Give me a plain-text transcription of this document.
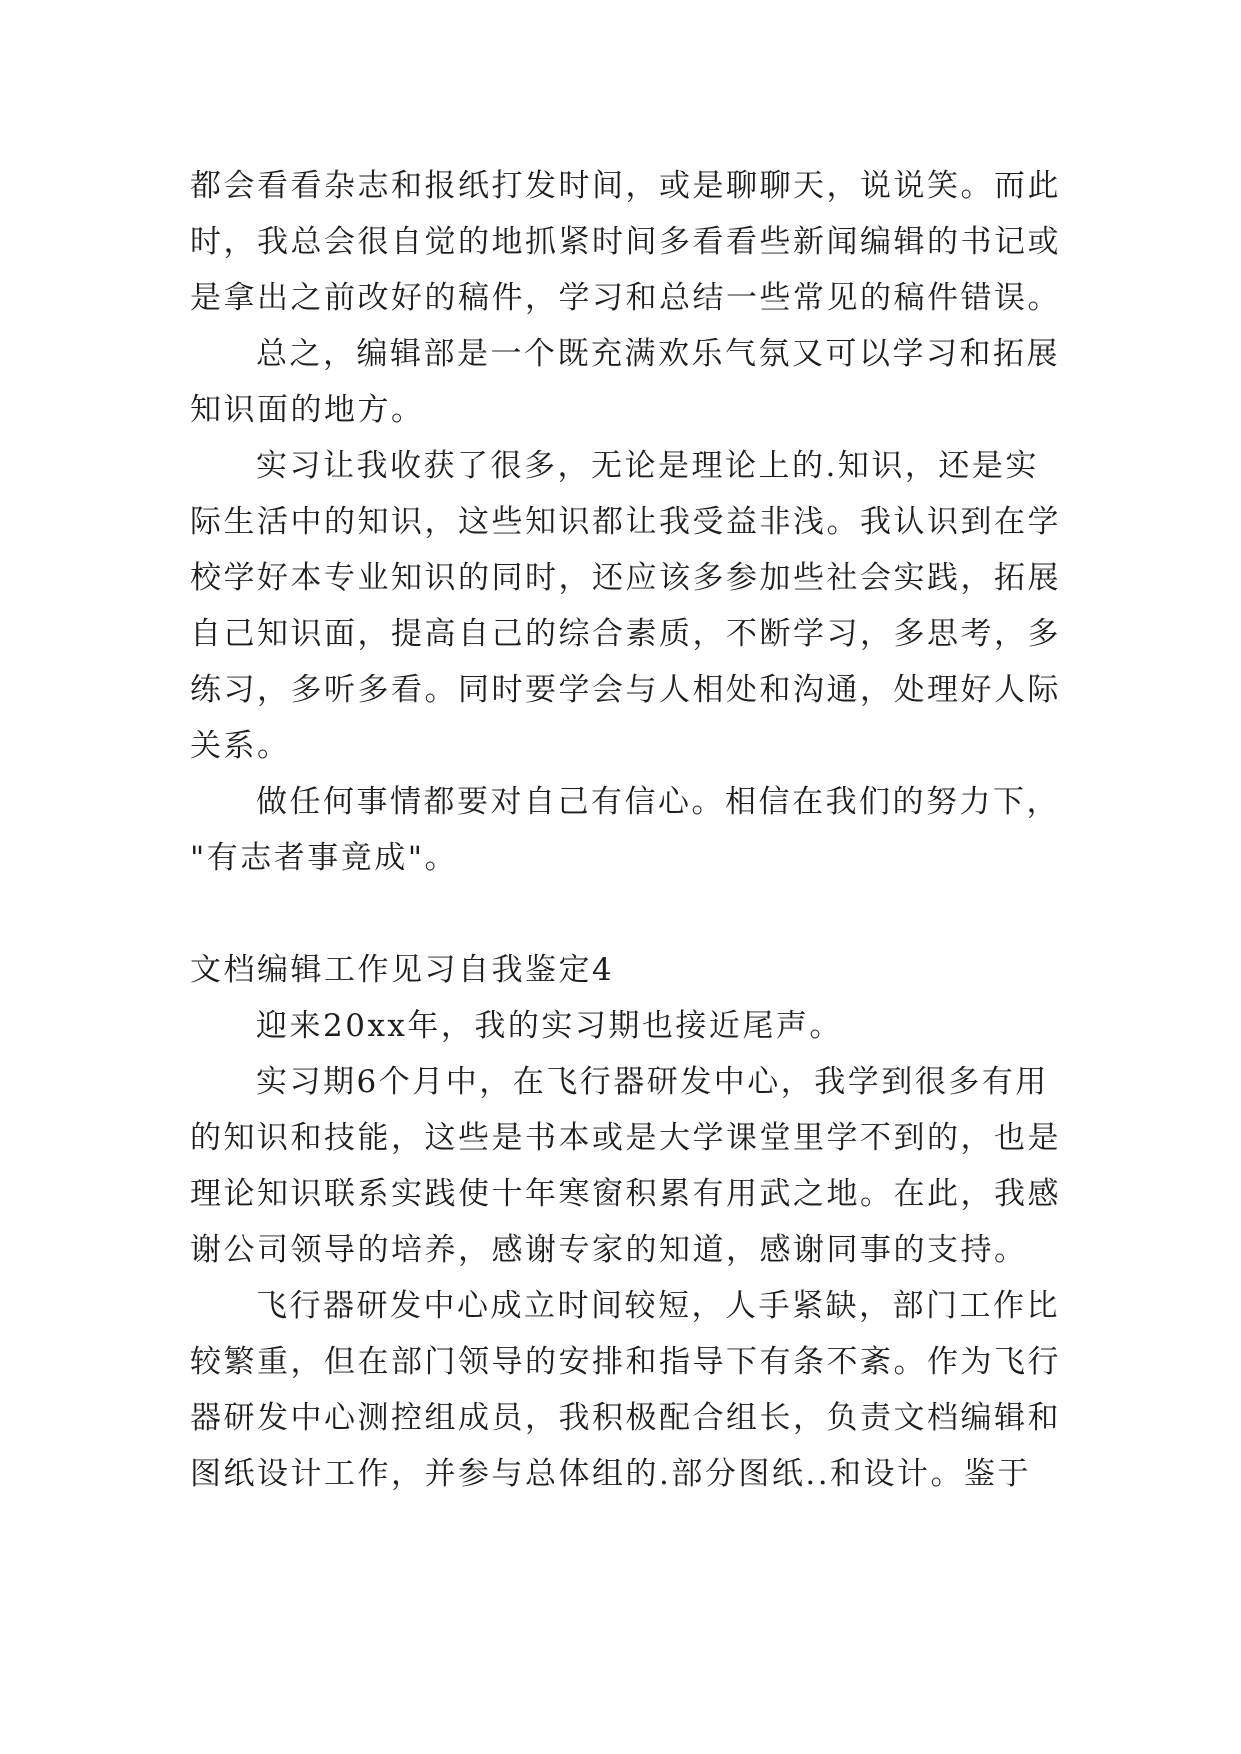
都会看看杂志和报纸打发时间，或是聊聊天，说说笑。而此
时，我总会很自觉的地抓紧时间多看看些新闻编辑的书记或
是拿出之前改好的稿件，学习和总结一些常见的稿件错误。
总之，编辑部是一个既充满欢乐气氛又可以学习和拓展
知识面的地方。
实习让我收获了很多，无论是理论上的.知识，还是实
际生活中的知识，这些知识都让我受益非浅。我认识到在学
校学好本专业知识的同时，还应该多参加些社会实践，拓展
自己知识面，提高自己的综合素质，不断学习，多思考，多
练习，多听多看。同时要学会与人相处和沟通，处理好人际
关系。
做任何事情都要对自己有信心。相信在我们的努力下，
"有志者事竟成"。
文档编辑工作见习自我鉴定4
迎来20xx年，我的实习期也接近尾声。
实习期6个月中，在飞行器研发中心，我学到很多有用
的知识和技能，这些是书本或是大学课堂里学不到的，也是
理论知识联系实践使十年寒窗积累有用武之地。在此，我感
谢公司领导的培养，感谢专家的知道，感谢同事的支持。
飞行器研发中心成立时间较短，人手紧缺，部门工作比
较繁重，但在部门领导的安排和指导下有条不紊。作为飞行
器研发中心测控组成员，我积极配合组长，负责文档编辑和
图纸设计工作，并参与总体组的.部分图纸..和设计。鉴于
